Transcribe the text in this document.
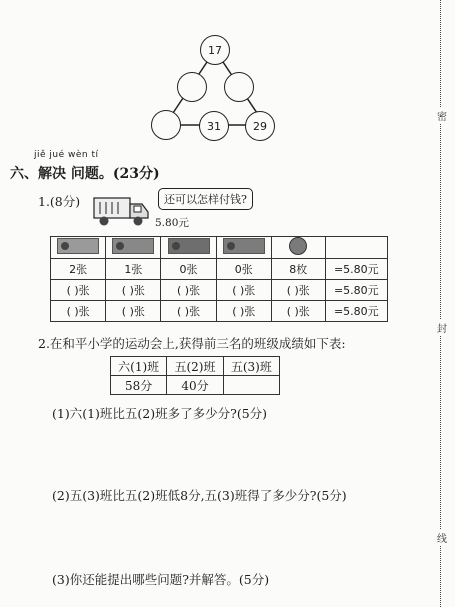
17
31	29
jiě jué wèn tí
六、解决 问题。(23分)
1.(8分)	还可以怎样付钱?
5.80元

2张	1张	0张	0张	8枚	=5.80元
( )张	( )张	( )张	( )张	( )张	=5.80元
( )张	( )张	( )张	( )张	( )张	=5.80元
2.在和平小学的运动会上,获得前三名的班级成绩如下表:
六(1)班	五(2)班	五(3)班
58分	40分	
(1)六(1)班比五(2)班多了多少分?(5分)
(2)五(3)班比五(2)班低8分,五(3)班得了多少分?(5分)
(3)你还能提出哪些问题?并解答。(5分)
密
封
线
